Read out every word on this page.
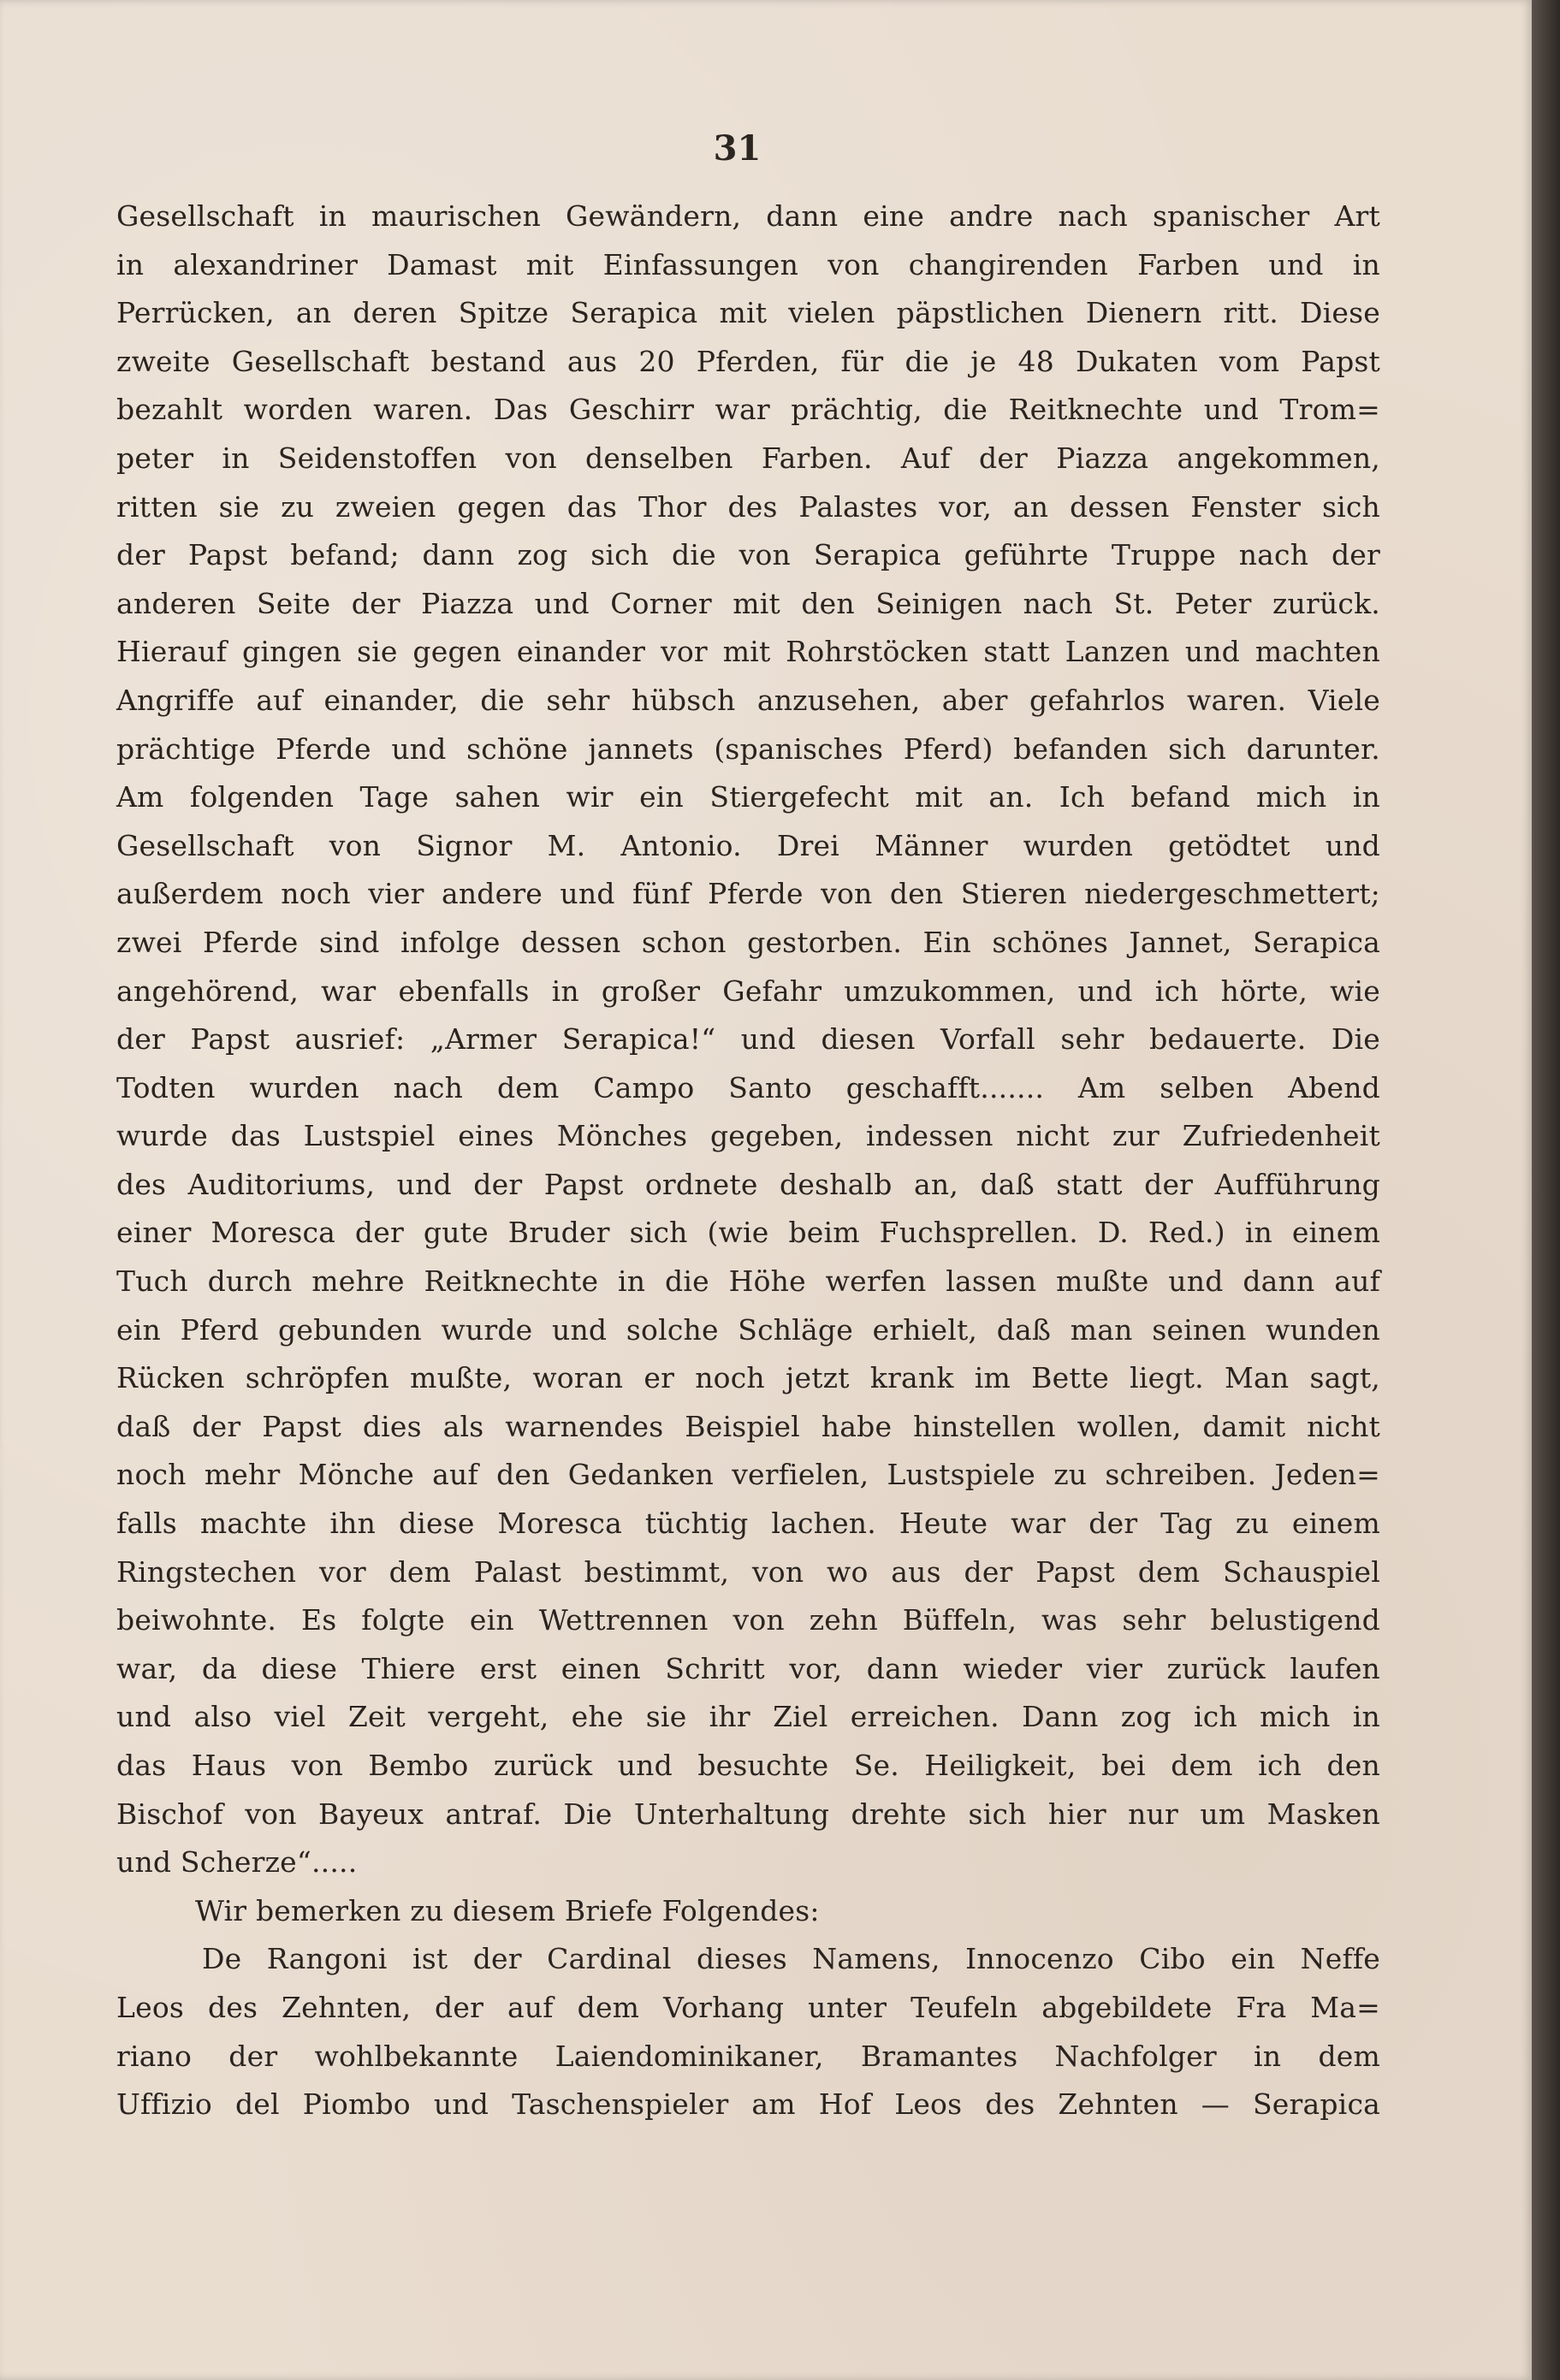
31
Gesellschaft in maurischen Gewändern, dann eine andre nach spanischer Art
in alexandriner Damast mit Einfassungen von changirenden Farben und in
Perrücken, an deren Spitze Serapica mit vielen päpstlichen Dienern ritt. Diese
zweite Gesellschaft bestand aus 20 Pferden, für die je 48 Dukaten vom Papst
bezahlt worden waren. Das Geschirr war prächtig, die Reitknechte und Trom=
peter in Seidenstoffen von denselben Farben. Auf der Piazza angekommen,
ritten sie zu zweien gegen das Thor des Palastes vor, an dessen Fenster sich
der Papst befand; dann zog sich die von Serapica geführte Truppe nach der
anderen Seite der Piazza und Corner mit den Seinigen nach St. Peter zurück.
Hierauf gingen sie gegen einander vor mit Rohrstöcken statt Lanzen und machten
Angriffe auf einander, die sehr hübsch anzusehen, aber gefahrlos waren. Viele
prächtige Pferde und schöne jannets (spanisches Pferd) befanden sich darunter.
Am folgenden Tage sahen wir ein Stiergefecht mit an. Ich befand mich in
Gesellschaft von Signor M. Antonio. Drei Männer wurden getödtet und
außerdem noch vier andere und fünf Pferde von den Stieren niedergeschmettert;
zwei Pferde sind infolge dessen schon gestorben. Ein schönes Jannet, Serapica
angehörend, war ebenfalls in großer Gefahr umzukommen, und ich hörte, wie
der Papst ausrief: „Armer Serapica!“ und diesen Vorfall sehr bedauerte. Die
Todten wurden nach dem Campo Santo geschafft....... Am selben Abend
wurde das Lustspiel eines Mönches gegeben, indessen nicht zur Zufriedenheit
des Auditoriums, und der Papst ordnete deshalb an, daß statt der Aufführung
einer Moresca der gute Bruder sich (wie beim Fuchsprellen. D. Red.) in einem
Tuch durch mehre Reitknechte in die Höhe werfen lassen mußte und dann auf
ein Pferd gebunden wurde und solche Schläge erhielt, daß man seinen wunden
Rücken schröpfen mußte, woran er noch jetzt krank im Bette liegt. Man sagt,
daß der Papst dies als warnendes Beispiel habe hinstellen wollen, damit nicht
noch mehr Mönche auf den Gedanken verfielen, Lustspiele zu schreiben. Jeden=
falls machte ihn diese Moresca tüchtig lachen. Heute war der Tag zu einem
Ringstechen vor dem Palast bestimmt, von wo aus der Papst dem Schauspiel
beiwohnte. Es folgte ein Wettrennen von zehn Büffeln, was sehr belustigend
war, da diese Thiere erst einen Schritt vor, dann wieder vier zurück laufen
und also viel Zeit vergeht, ehe sie ihr Ziel erreichen. Dann zog ich mich in
das Haus von Bembo zurück und besuchte Se. Heiligkeit, bei dem ich den
Bischof von Bayeux antraf. Die Unterhaltung drehte sich hier nur um Masken
und Scherze“.....
Wir bemerken zu diesem Briefe Folgendes:
De Rangoni ist der Cardinal dieses Namens, Innocenzo Cibo ein Neffe
Leos des Zehnten, der auf dem Vorhang unter Teufeln abgebildete Fra Ma=
riano der wohlbekannte Laiendominikaner, Bramantes Nachfolger in dem
Uffizio del Piombo und Taschenspieler am Hof Leos des Zehnten — Serapica
